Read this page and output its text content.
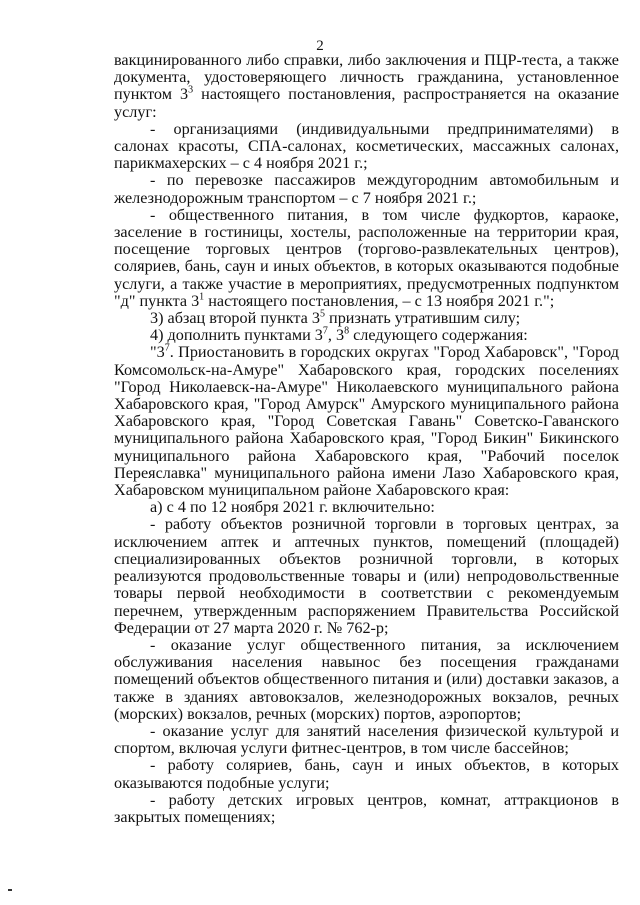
2

вакцинированного либо справки, либо заключения и ПЦР-теста, а также документа, удостоверяющего личность гражданина, установленное пунктом $3^3$ настоящего постановления, распространяется на оказание услуг:

- организациями (индивидуальными предпринимателями) в салонах красоты, СПА-салонах, косметических, массажных салонах, парикмахерских – с 4 ноября 2021 г.;

- по перевозке пассажиров междугородним автомобильным и железнодорожным транспортом – с 7 ноября 2021 г.;

- общественного питания, в том числе фудкортов, караоке, заселение в гостиницы, хостелы, расположенные на территории края, посещение торговых центров (торгово-развлекательных центров), соляриев, бань, саун и иных объектов, в которых оказываются подобные услуги, а также участие в мероприятиях, предусмотренных подпунктом "д" пункта $3^1$ настоящего постановления, – с 13 ноября 2021 г.";

3) абзац второй пункта $3^5$ признать утратившим силу;

4) дополнить пунктами $3^7$, $3^8$ следующего содержания:

"$3^7$. Приостановить в городских округах "Город Хабаровск", "Город Комсомольск-на-Амуре" Хабаровского края, городских поселениях "Город Николаевск-на-Амуре" Николаевского муниципального района Хабаровского края, "Город Амурск" Амурского муниципального района Хабаровского края, "Город Советская Гавань" Советско-Гаванского муниципального района Хабаровского края, "Город Бикин" Бикинского муниципального района Хабаровского края, "Рабочий поселок Переяславка" муниципального района имени Лазо Хабаровского края, Хабаровском муниципальном районе Хабаровского края:

а) с 4 по 12 ноября 2021 г. включительно:

- работу объектов розничной торговли в торговых центрах, за исключением аптек и аптечных пунктов, помещений (площадей) специализированных объектов розничной торговли, в которых реализуются продовольственные товары и (или) непродовольственные товары первой необходимости в соответствии с рекомендуемым перечнем, утвержденным распоряжением Правительства Российской Федерации от 27 марта 2020 г. № 762-р;

- оказание услуг общественного питания, за исключением обслуживания населения навынос без посещения гражданами помещений объектов общественного питания и (или) доставки заказов, а также в зданиях автовокзалов, железнодорожных вокзалов, речных (морских) вокзалов, речных (морских) портов, аэропортов;

- оказание услуг для занятий населения физической культурой и спортом, включая услуги фитнес-центров, в том числе бассейнов;

- работу соляриев, бань, саун и иных объектов, в которых оказываются подобные услуги;

- работу детских игровых центров, комнат, аттракционов в закрытых помещениях;
